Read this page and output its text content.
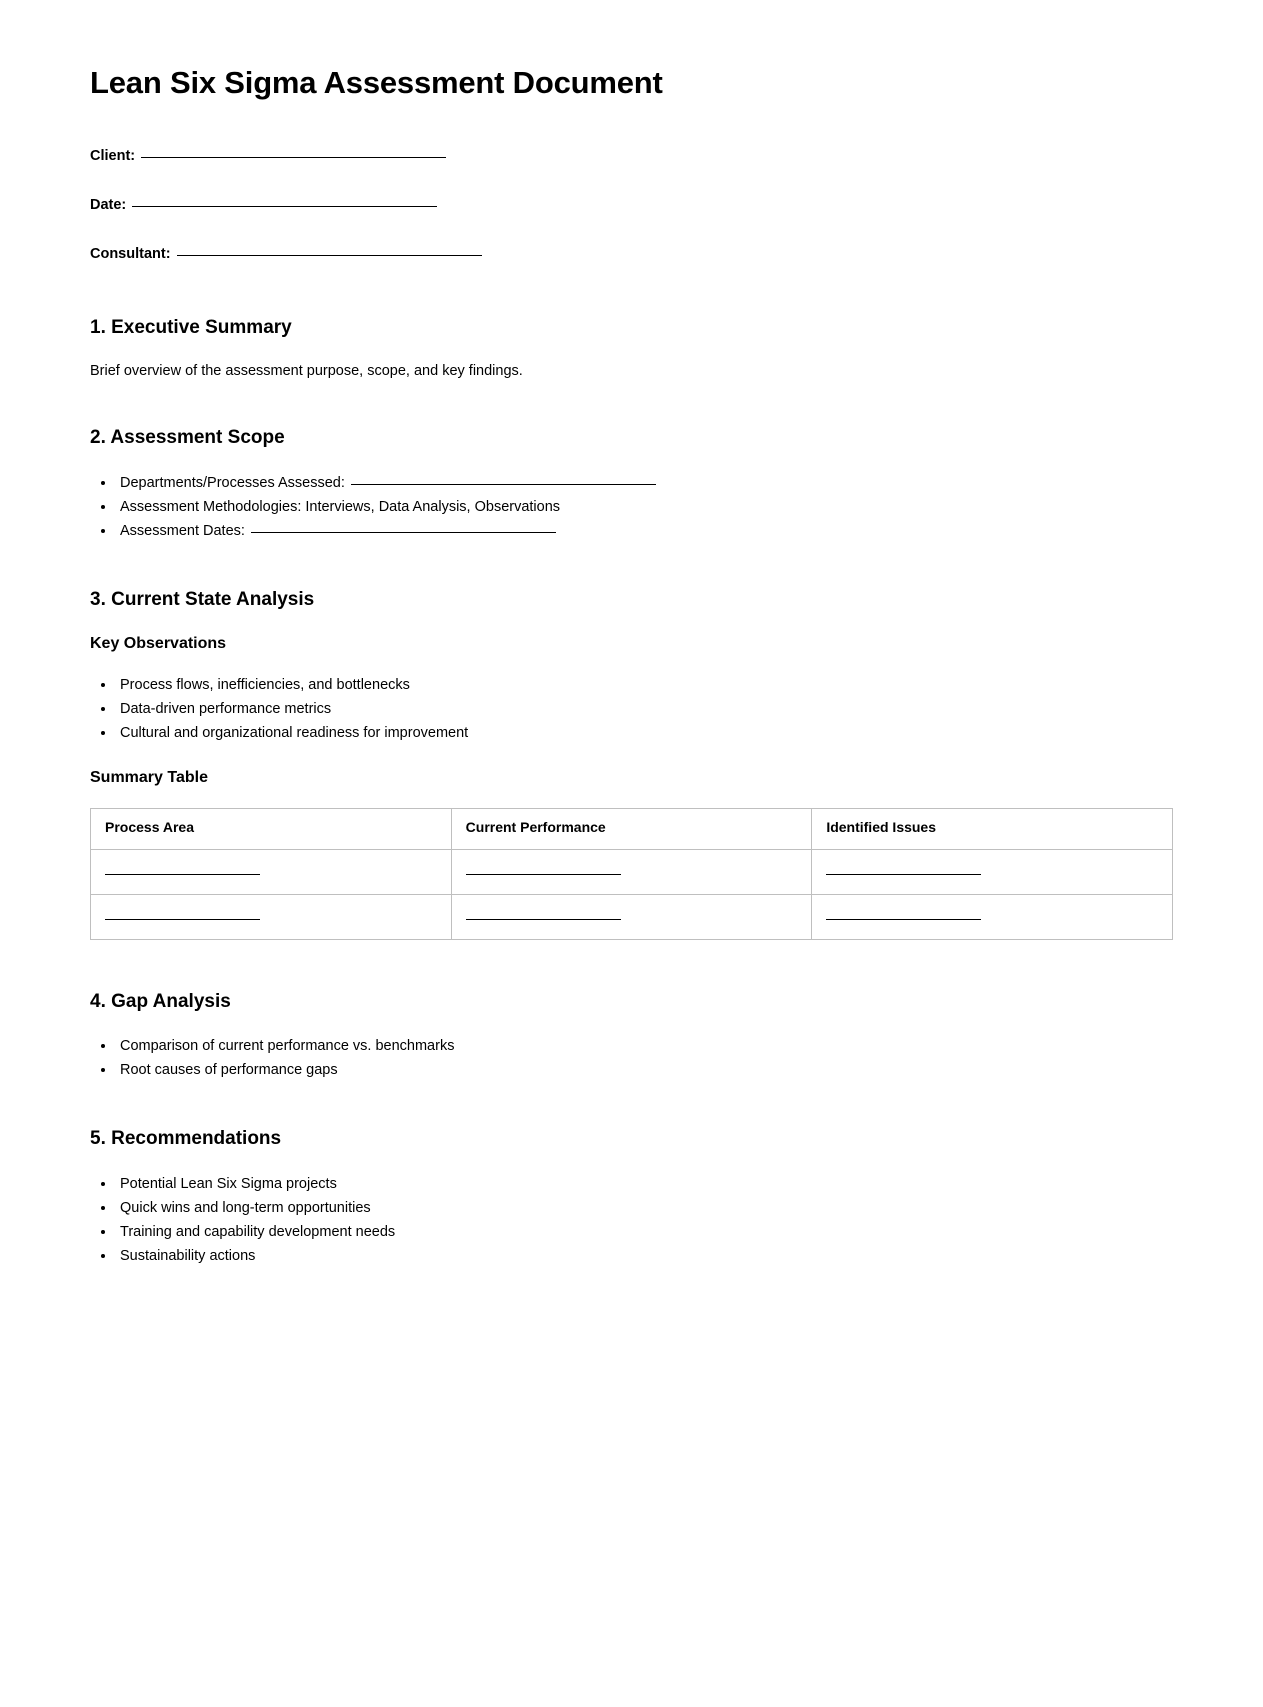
Lean Six Sigma Assessment Document
Client:
Date:
Consultant:
1. Executive Summary

Brief overview of the assessment purpose, scope, and key findings.

2. Assessment Scope
• Departments/Processes Assessed:
• Assessment Methodologies: Interviews, Data Analysis, Observations
• Assessment Dates:
3. Current State Analysis
Key Observations
• Process flows, inefficiencies, and bottlenecks
• Data-driven performance metrics
• Cultural and organizational readiness for improvement
Summary Table
Process Area	Current Performance	Identified Issues

4. Gap Analysis
• Comparison of current performance vs. benchmarks
• Root causes of performance gaps
5. Recommendations
• Potential Lean Six Sigma projects
• Quick wins and long-term opportunities
• Training and capability development needs
• Sustainability actions
